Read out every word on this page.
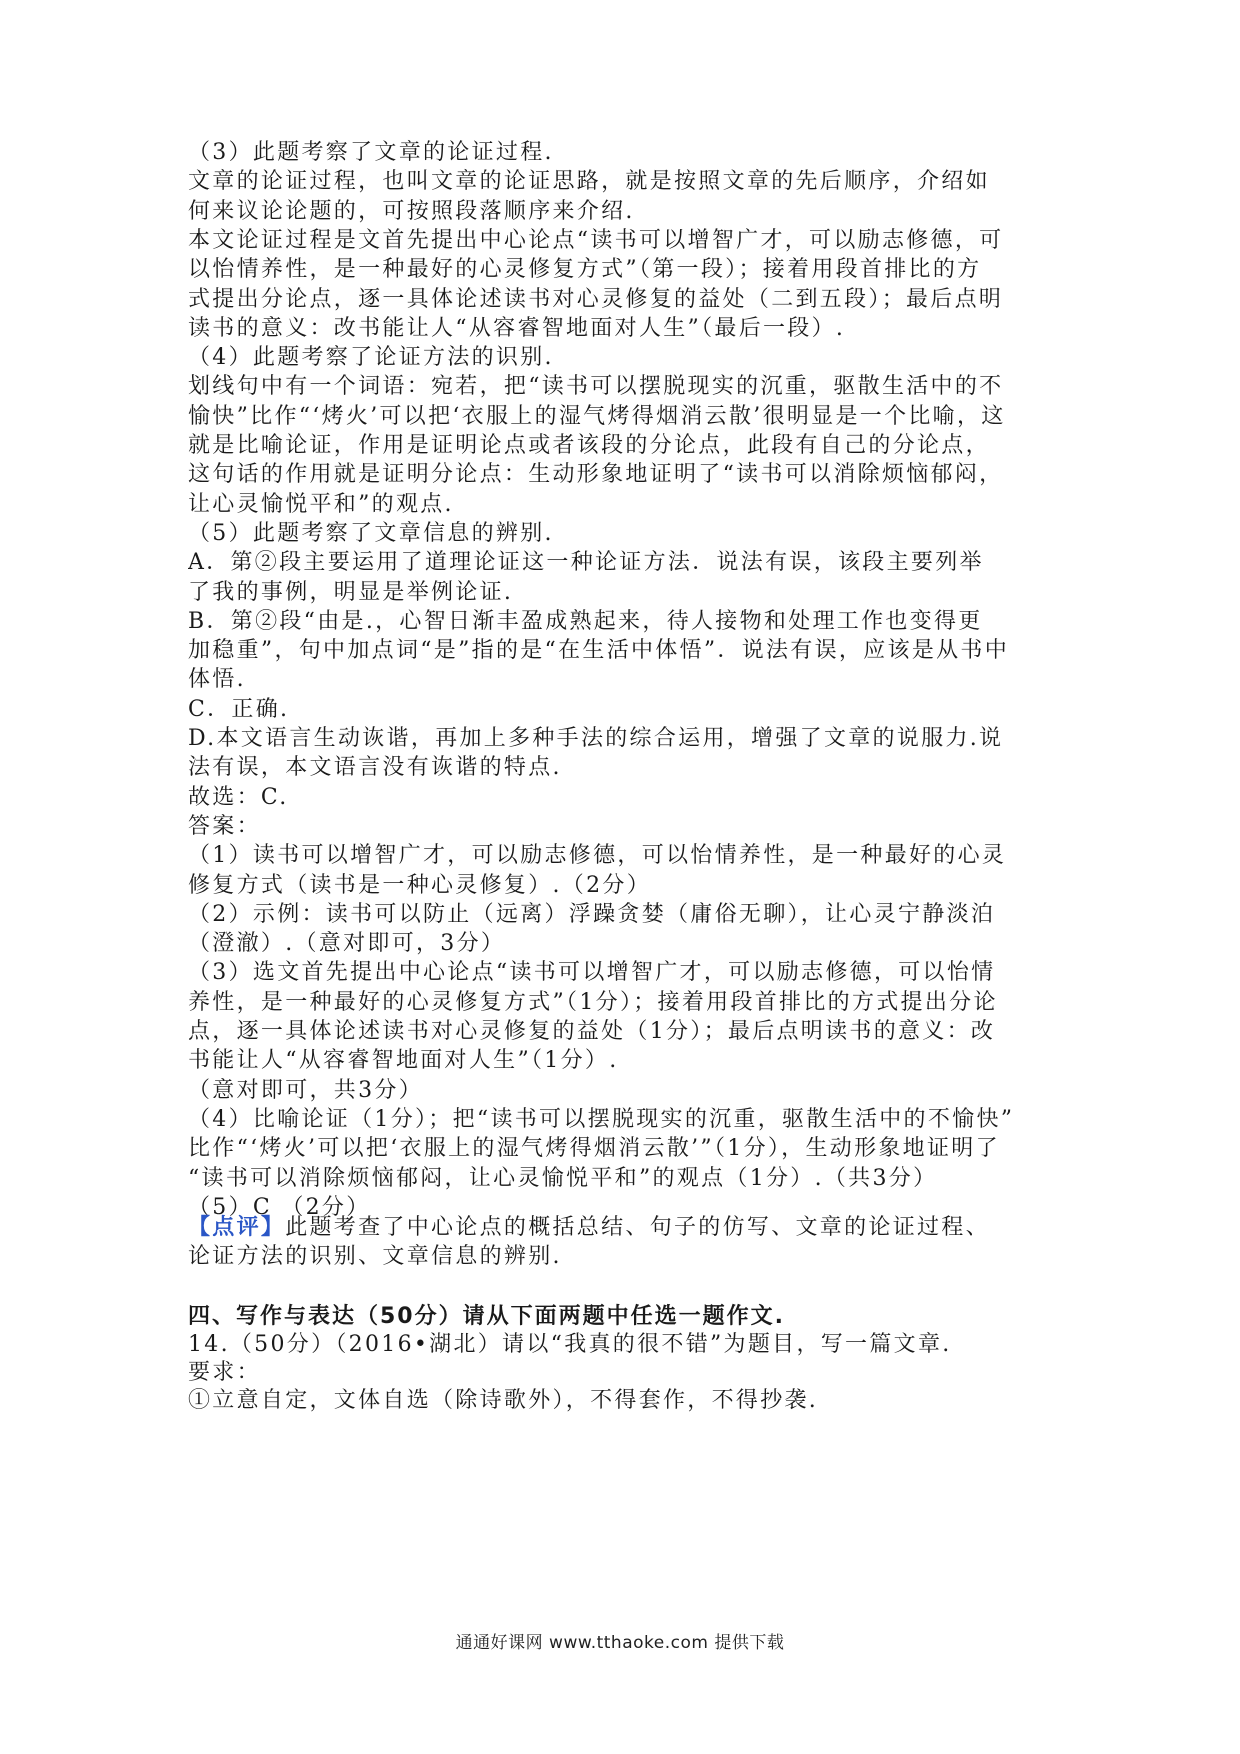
（3）此题考察了文章的论证过程.
文章的论证过程，也叫文章的论证思路，就是按照文章的先后顺序，介绍如
何来议论论题的，可按照段落顺序来介绍.
本文论证过程是文首先提出中心论点“读书可以增智广才，可以励志修德，可
以怡情养性，是一种最好的心灵修复方式”（第一段）；接着用段首排比的方
式提出分论点，逐一具体论述读书对心灵修复的益处（二到五段）；最后点明
读书的意义：改书能让人“从容睿智地面对人生”（最后一段）.
（4）此题考察了论证方法的识别.
划线句中有一个词语：宛若，把“读书可以摆脱现实的沉重，驱散生活中的不
愉快”比作“‘烤火’可以把‘衣服上的湿气烤得烟消云散’很明显是一个比喻，这
就是比喻论证，作用是证明论点或者该段的分论点，此段有自己的分论点，
这句话的作用就是证明分论点：生动形象地证明了“读书可以消除烦恼郁闷，
让心灵愉悦平和”的观点.
（5）此题考察了文章信息的辨别.
A．第②段主要运用了道理论证这一种论证方法．说法有误，该段主要列举
了我的事例，明显是举例论证.
B．第②段“由是.，心智日渐丰盈成熟起来，待人接物和处理工作也变得更
加稳重”，句中加点词“是”指的是“在生活中体悟”．说法有误，应该是从书中
体悟.
C．正确.
D.本文语言生动诙谐，再加上多种手法的综合运用，增强了文章的说服力.说
法有误，本文语言没有诙谐的特点.
故选：C.
答案：
（1）读书可以增智广才，可以励志修德，可以怡情养性，是一种最好的心灵
修复方式（读书是一种心灵修复）.（2分）
（2）示例：读书可以防止（远离）浮躁贪婪（庸俗无聊），让心灵宁静淡泊
（澄澈）.（意对即可，3分）
（3）选文首先提出中心论点“读书可以增智广才，可以励志修德，可以怡情
养性，是一种最好的心灵修复方式”（1分）；接着用段首排比的方式提出分论
点，逐一具体论述读书对心灵修复的益处（1分）；最后点明读书的意义：改
书能让人“从容睿智地面对人生”（1分）.
（意对即可，共3分）
（4）比喻论证（1分）；把“读书可以摆脱现实的沉重，驱散生活中的不愉快”
比作“‘烤火’可以把‘衣服上的湿气烤得烟消云散’”（1分），生动形象地证明了
“读书可以消除烦恼郁闷，让心灵愉悦平和”的观点（1分）.（共3分）
（5）C （2分）
【点评】此题考查了中心论点的概括总结、句子的仿写、文章的论证过程、
论证方法的识别、文章信息的辨别.
四、写作与表达（50分）请从下面两题中任选一题作文.
14.（50分）（2016•湖北）请以“我真的很不错”为题目，写一篇文章.
要求：
①立意自定，文体自选（除诗歌外），不得套作，不得抄袭.
通通好课网 www.tthaoke.com 提供下载
